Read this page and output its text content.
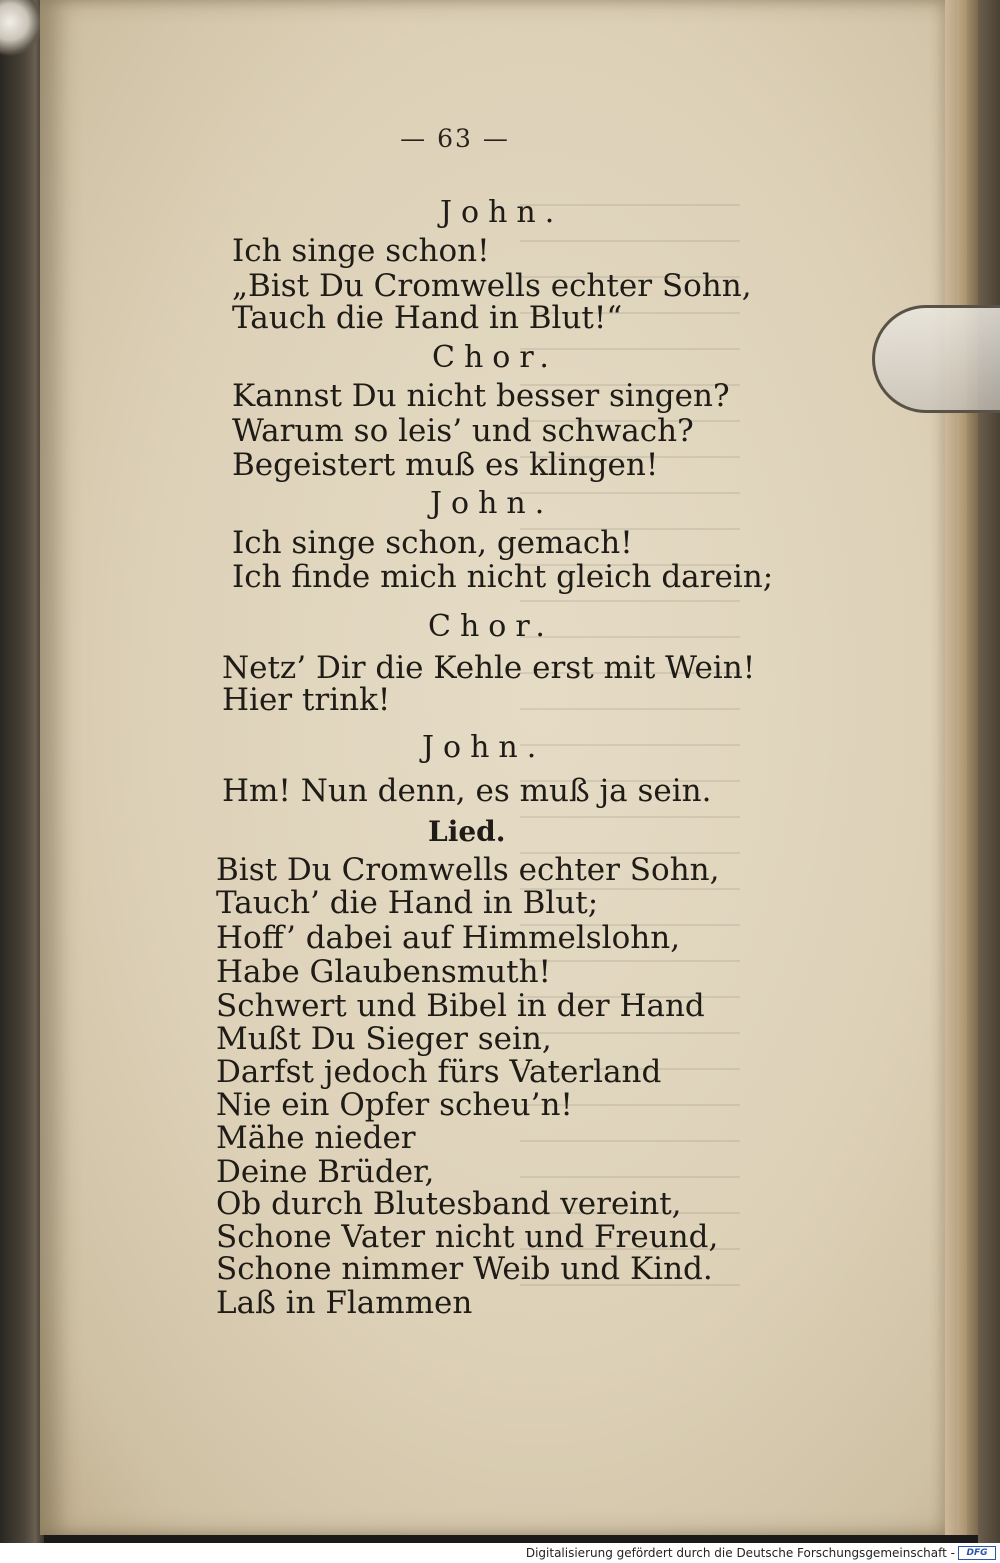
— 63 —
John.
Ich singe schon!
„Bist Du Cromwells echter Sohn,
Tauch die Hand in Blut!“
Chor.
Kannst Du nicht besser singen?
Warum so leis’ und schwach?
Begeistert muß es klingen!
John.
Ich singe schon, gemach!
Ich finde mich nicht gleich darein;
Chor.
Netz’ Dir die Kehle erst mit Wein!
Hier trink!
John.
Hm! Nun denn, es muß ja sein.
Lied.
Bist Du Cromwells echter Sohn,
Tauch’ die Hand in Blut;
Hoff’ dabei auf Himmelslohn,
Habe Glaubensmuth!
Schwert und Bibel in der Hand
Mußt Du Sieger sein,
Darfst jedoch fürs Vaterland
Nie ein Opfer scheu’n!
Mähe nieder
Deine Brüder,
Ob durch Blutesband vereint,
Schone Vater nicht und Freund,
Schone nimmer Weib und Kind.
Laß in Flammen
Digitalisierung gefördert durch die Deutsche Forschungsgemeinschaft -	DFG
